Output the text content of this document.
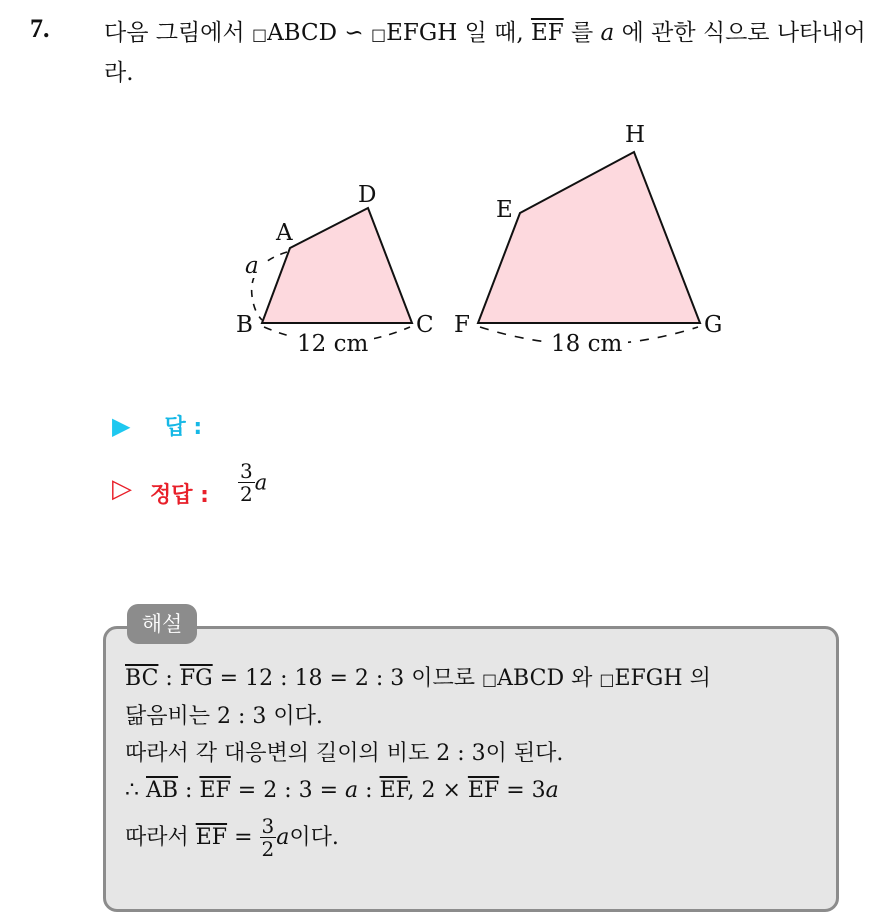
7. 다음 그림에서 □ABCD ∽ □EFGH 일 때, $\overline{EF}$ 를 a 에 관한 식으로 나타내어라.
A
D
B	C
a
12 cm
E
H
F	G
18 cm
▶ 답 :
▷ 정답 : $\frac{3}{2}$ a
해설
$\overline{BC}$ : $\overline{FG} = 12$ : 18 = 2 : 3 이므로 □ABCD 와 □EFGH 의
닮음비는 2 : 3 이다.
따라서 각 대응변의 길이의 비도 2 : 3이 된다.
∴ $\overline{AB}$ : $\overline{EF} = 2$ : 3 = a : $\overline{EF}$, $2 \times \overline{EF} = 3a$
따라서 $\overline{EF} = \frac{3}{2}$ a이다.
